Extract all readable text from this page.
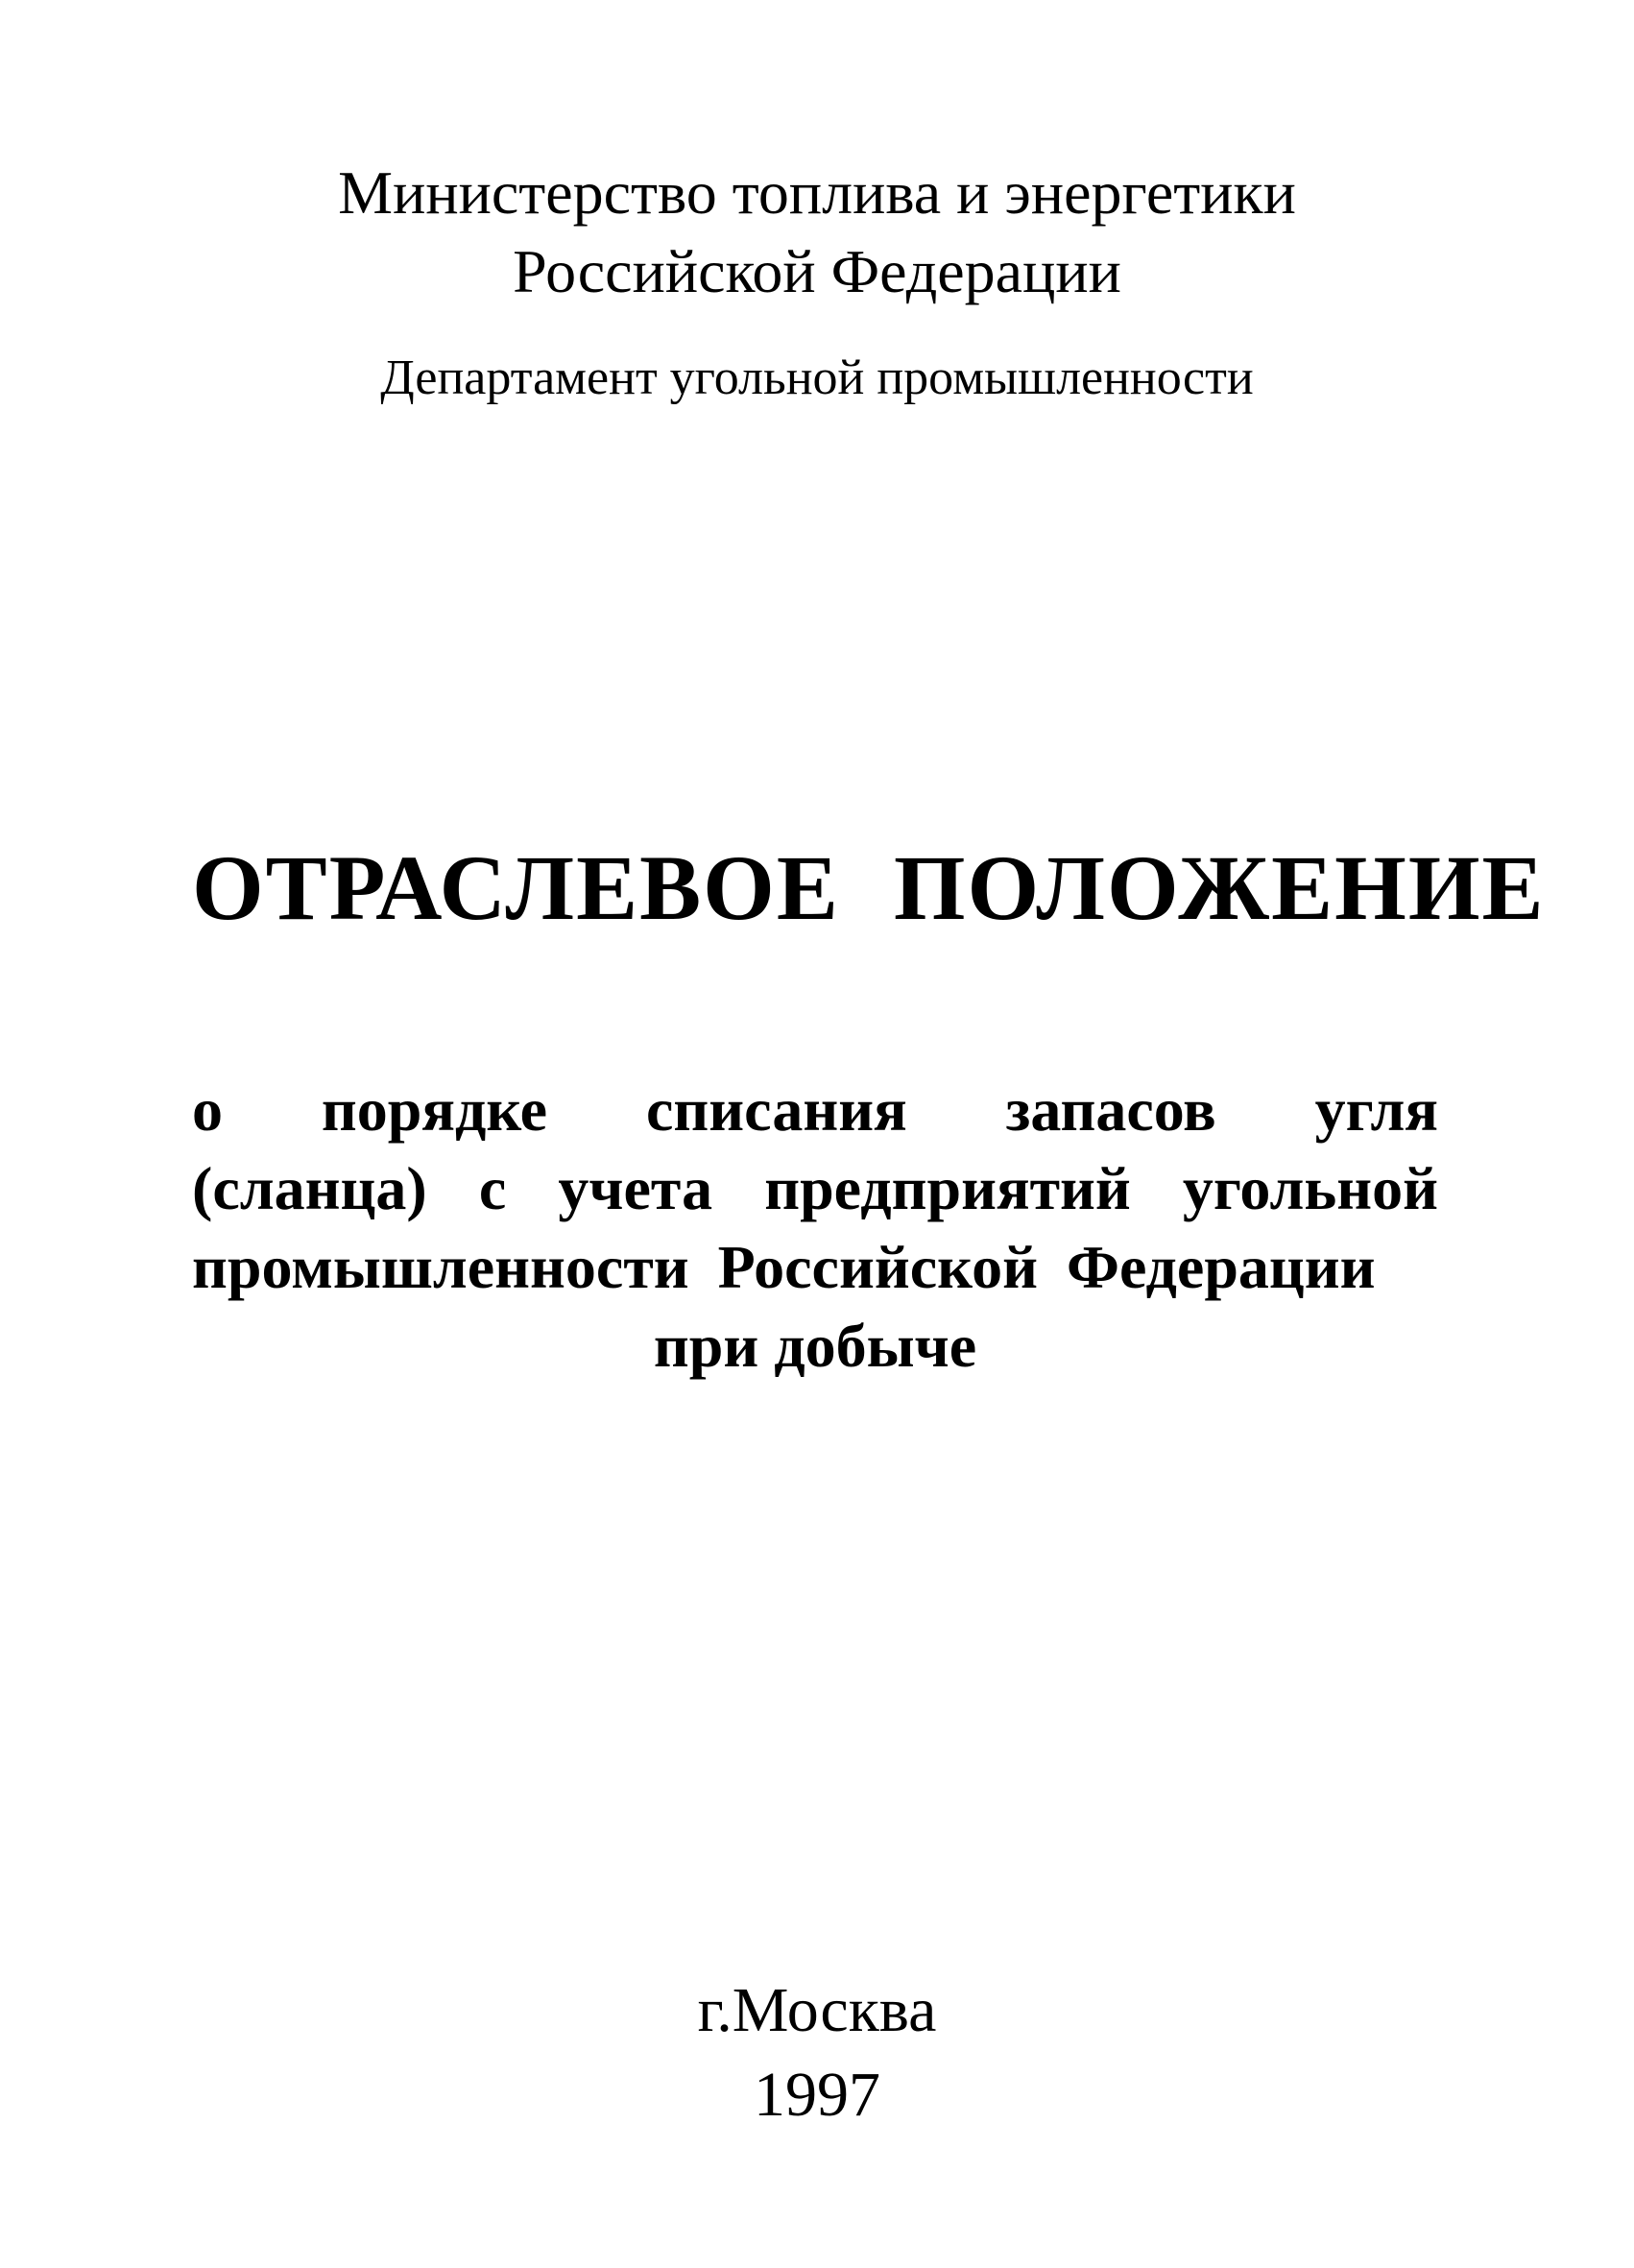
Министерство топлива и энергетики
Российской Федерации
Департамент угольной промышленности
ОТРАСЛЕВОЕ ПОЛОЖЕНИЕ
о порядке списания запасов угля
(сланца) с учета предприятий угольной
промышленности Российской Федерации
при добыче
г.Москва
1997
